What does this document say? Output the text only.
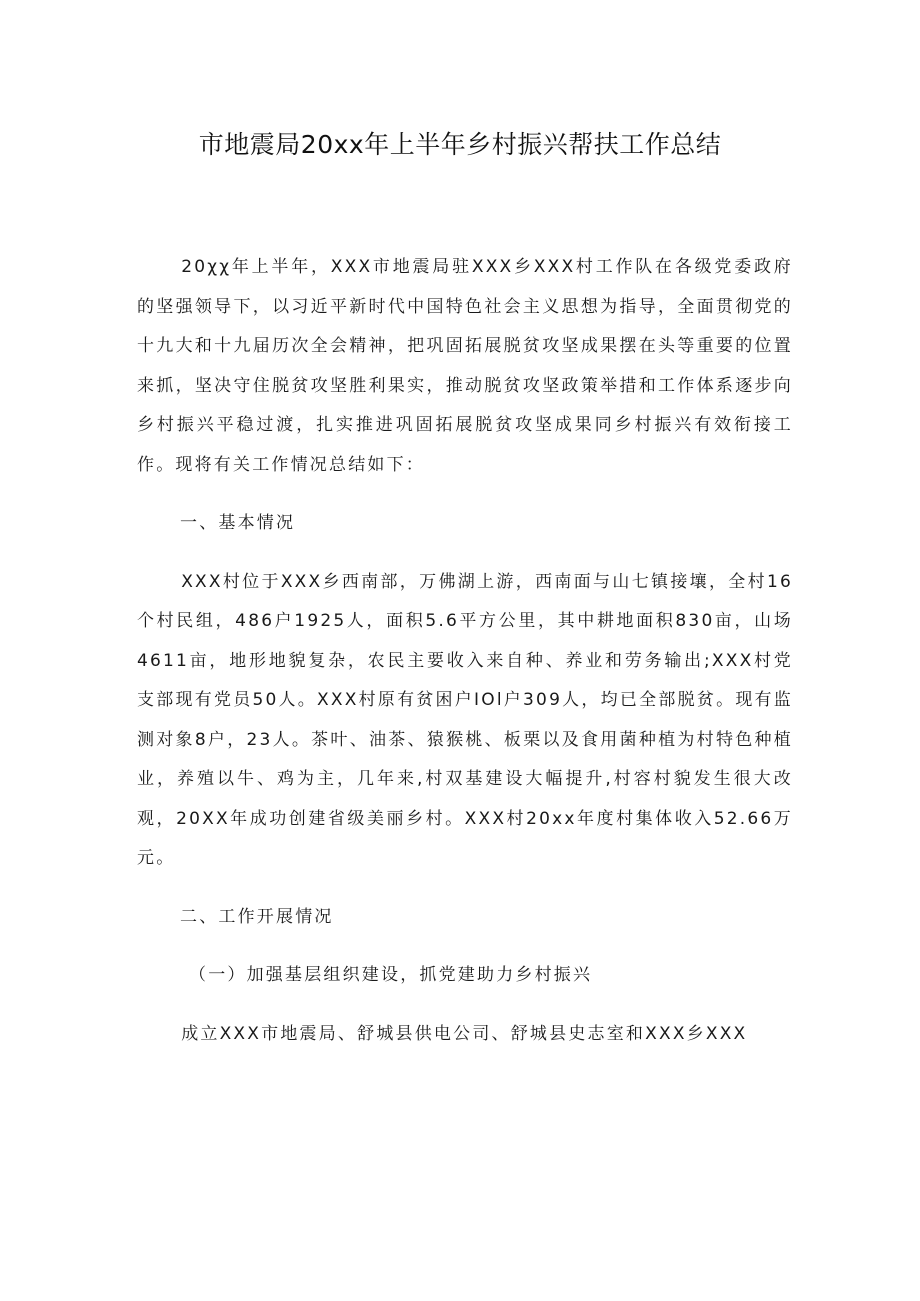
市地震局20xx年上半年乡村振兴帮扶工作总结

20χχ年上半年，XXX市地震局驻XXX乡XXX村工作队在各级党委政府的坚强领导下，以习近平新时代中国特色社会主义思想为指导，全面贯彻党的十九大和十九届历次全会精神，把巩固拓展脱贫攻坚成果摆在头等重要的位置来抓，坚决守住脱贫攻坚胜利果实，推动脱贫攻坚政策举措和工作体系逐步向乡村振兴平稳过渡，扎实推进巩固拓展脱贫攻坚成果同乡村振兴有效衔接工作。现将有关工作情况总结如下：

一、基本情况

XXX村位于XXX乡西南部，万佛湖上游，西南面与山七镇接壤，全村16个村民组，486户1925人，面积5.6平方公里，其中耕地面积830亩，山场4611亩，地形地貌复杂，农民主要收入来自种、养业和劳务输出;XXX村党支部现有党员50人。XXX村原有贫困户IOl户309人，均已全部脱贫。现有监测对象8户，23人。茶叶、油茶、猿猴桃、板栗以及食用菌种植为村特色种植业，养殖以牛、鸡为主，几年来,村双基建设大幅提升,村容村貌发生很大改观，20XX年成功创建省级美丽乡村。XXX村20xx年度村集体收入52.66万元。

二、工作开展情况

（一）加强基层组织建设，抓党建助力乡村振兴

成立XXX市地震局、舒城县供电公司、舒城县史志室和XXX乡XXX
